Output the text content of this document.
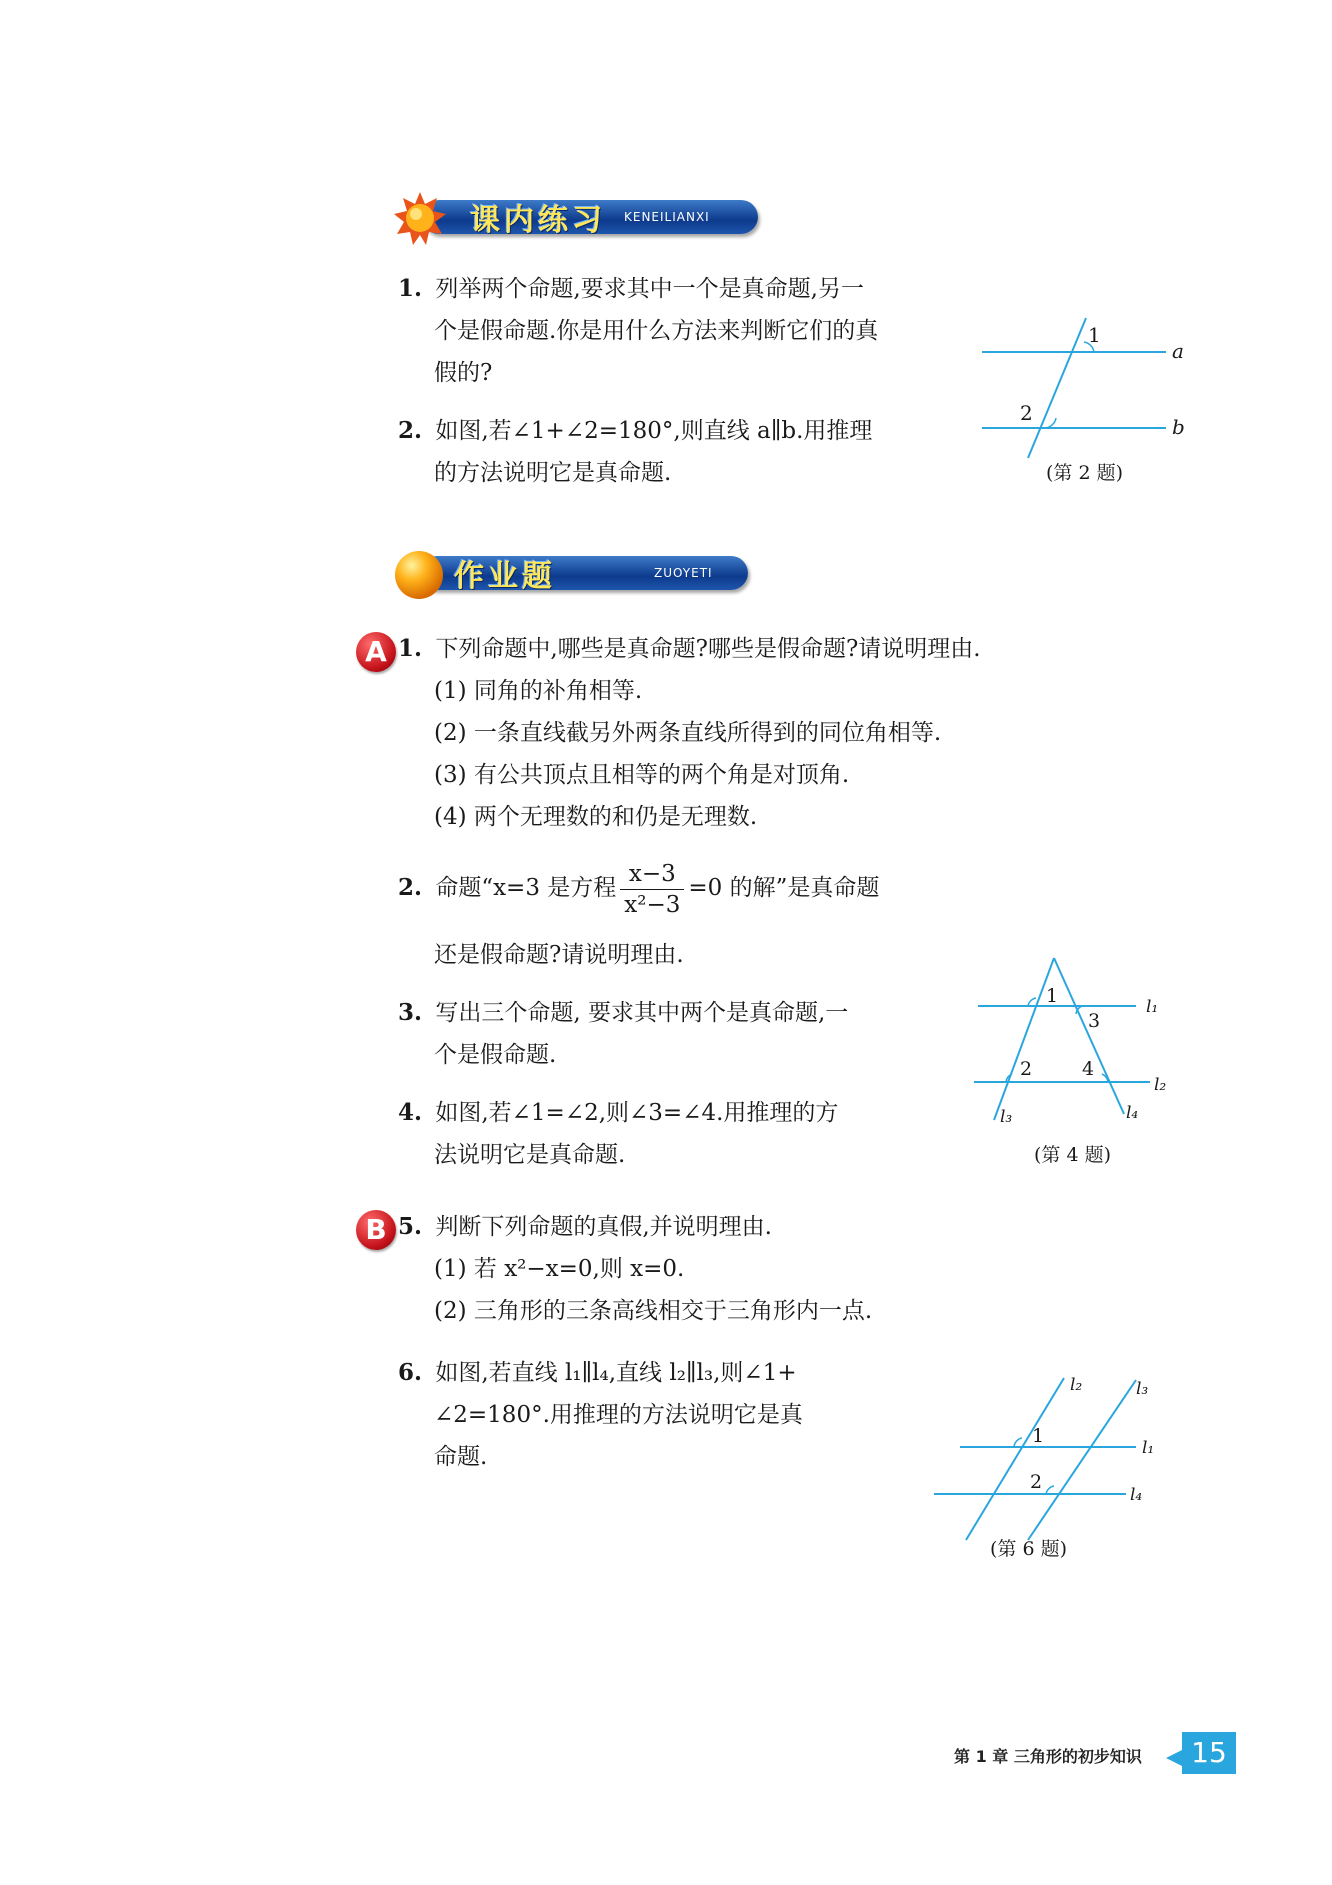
课内练习 KENEILIANXI
1. 列举两个命题,要求其中一个是真命题,另一
个是假命题.你是用什么方法来判断它们的真
假的?
2. 如图,若∠1+∠2=180°,则直线 a∥b.用推理
的方法说明它是真命题.
1
2
a
b
(第 2 题)
作业题	ZUOYETI
A 1. 下列命题中,哪些是真命题?哪些是假命题?请说明理由.
(1) 同角的补角相等.
(2) 一条直线截另外两条直线所得到的同位角相等.
(3) 有公共顶点且相等的两个角是对顶角.
(4) 两个无理数的和仍是无理数.
2. 命题“x=3 是方程 $\frac{x-3}{\text{x²−3}} =0$ 的解”是真命题
还是假命题?请说明理由.
3. 写出三个命题, 要求其中两个是真命题,一
个是假命题.
4. 如图,若∠1=∠2,则∠3=∠4.用推理的方
法说明它是真命题.
1
3
2	4
l₁
l₂
l₃	l₄
(第 4 题)
B 5. 判断下列命题的真假,并说明理由.
(1) 若 x²−x=0,则 x=0.
(2) 三角形的三条高线相交于三角形内一点.
6. 如图,若直线 l₁∥l₄,直线 l₂∥l₃,则∠1+
∠2=180°.用推理的方法说明它是真
命题.
1
2
l₂	l₃
l₁
l₄
(第 6 题)
第 1 章 三角形的初步知识	15
